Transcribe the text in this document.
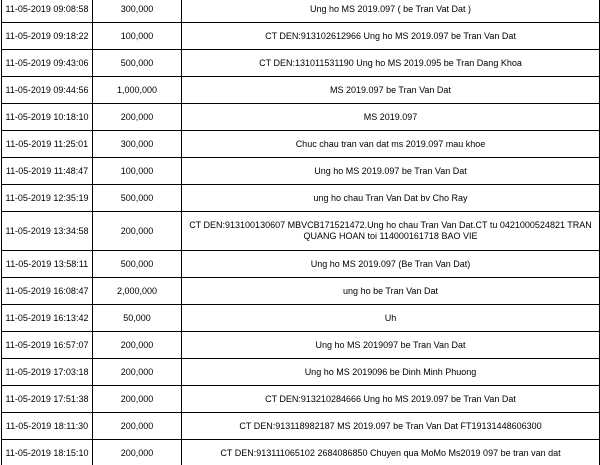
11-05-2019 09:08:58	300,000	Ung ho MS 2019.097 ( be Tran Vat Dat )
11-05-2019 09:18:22	100,000	CT DEN:913102612966 Ung ho MS 2019.097 be Tran Van Dat
11-05-2019 09:43:06	500,000	CT DEN:131011531190 Ung ho MS 2019.095 be Tran Dang Khoa
11-05-2019 09:44:56	1,000,000	MS 2019.097 be Tran Van Dat
11-05-2019 10:18:10	200,000	MS 2019.097
11-05-2019 11:25:01	300,000	Chuc chau tran van dat ms 2019.097 mau khoe
11-05-2019 11:48:47	100,000	Ung ho MS 2019.097 be Tran Van Dat
11-05-2019 12:35:19	500,000	ung ho chau Tran Van Dat bv Cho Ray
11-05-2019 13:34:58	200,000	CT DEN:913100130607 MBVCB171521472.Ung ho chau Tran Van Dat.CT tu 0421000524821 TRAN QUANG HOAN toi 114000161718 BAO VIE
11-05-2019 13:58:11	500,000	Ung ho MS 2019.097 (Be Tran Van Dat)
11-05-2019 16:08:47	2,000,000	ung ho be Tran Van Dat
11-05-2019 16:13:42	50,000	Uh
11-05-2019 16:57:07	200,000	Ung ho MS 2019097 be Tran Van Dat
11-05-2019 17:03:18	200,000	Ung ho MS 2019096 be Dinh Minh Phuong
11-05-2019 17:51:38	200,000	CT DEN:913210284666 Ung ho MS 2019.097 be Tran Van Dat
11-05-2019 18:11:30	200,000	CT DEN:913118982187 MS 2019.097 be Tran Van Dat FT19131448606300
11-05-2019 18:15:10	200,000	CT DEN:913111065102 2684086850 Chuyen qua MoMo Ms2019 097 be tran van dat
